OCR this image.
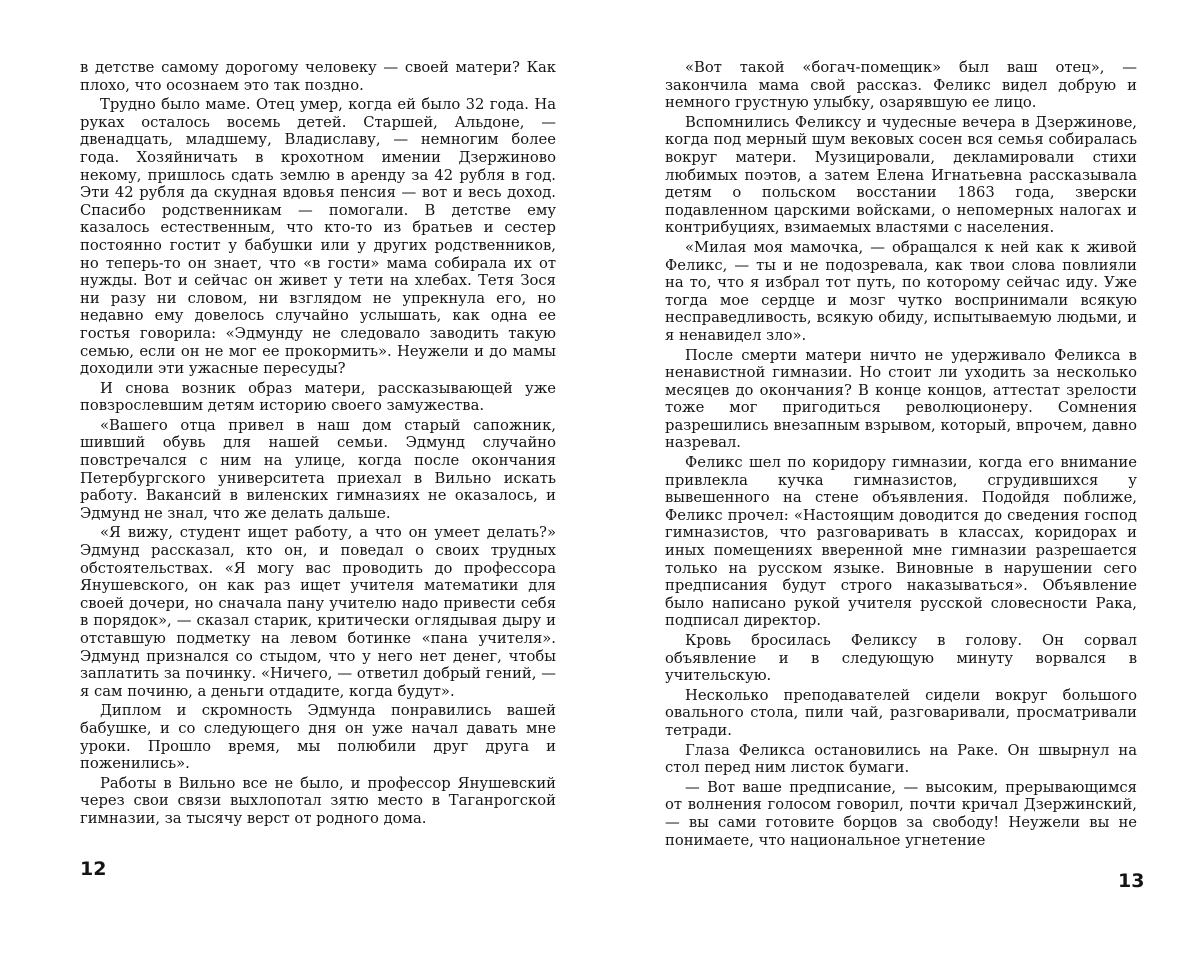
в детстве самому дорогому человеку — своей матери? Как плохо, что осознаем это так поздно.

Трудно было маме. Отец умер, когда ей было 32 года. На руках осталось восемь детей. Старшей, Альдоне, — двенадцать, младшему, Владиславу, — немногим более года. Хозяйничать в крохотном имении Дзержиново некому, пришлось сдать землю в аренду за 42 рубля в год. Эти 42 рубля да скудная вдовья пенсия — вот и весь доход. Спасибо родственникам — помогали. В детстве ему казалось естественным, что кто-то из братьев и сестер постоянно гостит у бабушки или у других родственников, но теперь-то он знает, что «в гости» мама собирала их от нужды. Вот и сейчас он живет у тети на хлебах. Тетя Зося ни разу ни словом, ни взглядом не упрекнула его, но недавно ему довелось случайно услышать, как одна ее гостья говорила: «Эдмунду не следовало заводить такую семью, если он не мог ее прокормить». Неужели и до мамы доходили эти ужасные пересуды?

И снова возник образ матери, рассказывающей уже повзрослевшим детям историю своего замужества.

«Вашего отца привел в наш дом старый сапожник, шивший обувь для нашей семьи. Эдмунд случайно повстречался с ним на улице, когда после окончания Петербургского университета приехал в Вильно искать работу. Вакансий в виленских гимназиях не оказалось, и Эдмунд не знал, что же делать дальше.

«Я вижу, студент ищет работу, а что он умеет делать?» Эдмунд рассказал, кто он, и поведал о своих трудных обстоятельствах. «Я могу вас проводить до профессора Янушевского, он как раз ищет учителя математики для своей дочери, но сначала пану учителю надо привести себя в порядок», — сказал старик, критически оглядывая дыру и отставшую подметку на левом ботинке «пана учителя». Эдмунд признался со стыдом, что у него нет денег, чтобы заплатить за починку. «Ничего, — ответил добрый гений, — я сам починю, а деньги отдадите, когда будут».

Диплом и скромность Эдмунда понравились вашей бабушке, и со следующего дня он уже начал давать мне уроки. Прошло время, мы полюбили друг друга и поженились».

Работы в Вильно все не было, и профессор Янушевский через свои связи выхлопотал зятю место в Таганрогской гимназии, за тысячу верст от родного дома.

12

«Вот такой «богач-помещик» был ваш отец», — закончила мама свой рассказ. Феликс видел добрую и немного грустную улыбку, озарявшую ее лицо.

Вспомнились Феликсу и чудесные вечера в Дзержинове, когда под мерный шум вековых сосен вся семья собиралась вокруг матери. Музицировали, декламировали стихи любимых поэтов, а затем Елена Игнатьевна рассказывала детям о польском восстании 1863 года, зверски подавленном царскими войсками, о непомерных налогах и контрибуциях, взимаемых властями с населения.

«Милая моя мамочка, — обращался к ней как к живой Феликс, — ты и не подозревала, как твои слова повлияли на то, что я избрал тот путь, по которому сейчас иду. Уже тогда мое сердце и мозг чутко воспринимали всякую несправедливость, всякую обиду, испытываемую людьми, и я ненавидел зло».

После смерти матери ничто не удерживало Феликса в ненавистной гимназии. Но стоит ли уходить за несколько месяцев до окончания? В конце концов, аттестат зрелости тоже мог пригодиться революционеру. Сомнения разрешились внезапным взрывом, который, впрочем, давно назревал.

Феликс шел по коридору гимназии, когда его внимание привлекла кучка гимназистов, сгрудившихся у вывешенного на стене объявления. Подойдя поближе, Феликс прочел: «Настоящим доводится до сведения господ гимназистов, что разговаривать в классах, коридорах и иных помещениях вверенной мне гимназии разрешается только на русском языке. Виновные в нарушении сего предписания будут строго наказываться». Объявление было написано рукой учителя русской словесности Рака, подписал директор.

Кровь бросилась Феликсу в голову. Он сорвал объявление и в следующую минуту ворвался в учительскую.

Несколько преподавателей сидели вокруг большого овального стола, пили чай, разговаривали, просматривали тетради.

Глаза Феликса остановились на Раке. Он швырнул на стол перед ним листок бумаги.

— Вот ваше предписание, — высоким, прерывающимся от волнения голосом говорил, почти кричал Дзержинский, — вы сами готовите борцов за свободу! Неужели вы не понимаете, что национальное угнетение

13
